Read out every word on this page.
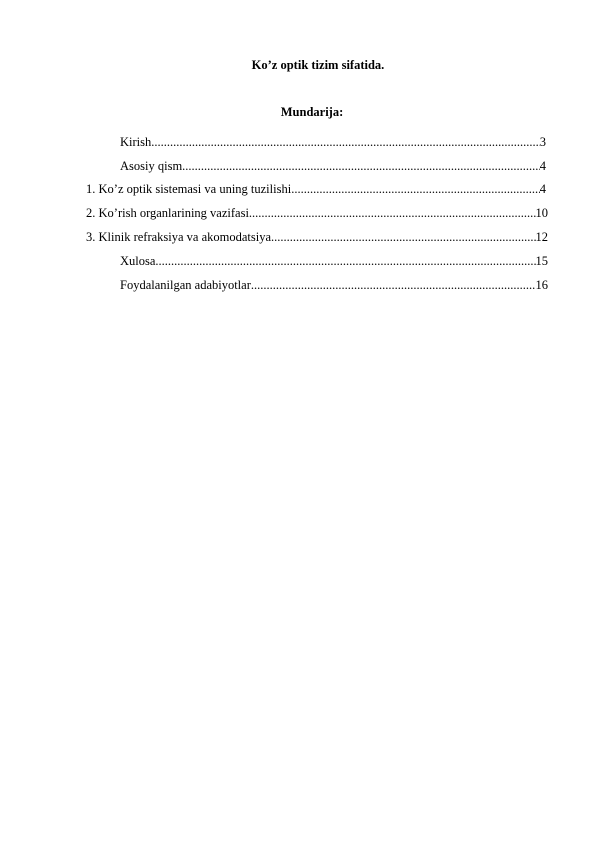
Ko’z optik tizim sifatida.
Mundarija:
Kirish .....	3
Asosiy qism .....	4
1. Ko’z optik sistemasi va uning tuzilishi .....	4
2. Ko’rish organlarining vazifasi .....	10
3. Klinik refraksiya va akomodatsiya .....	12
Xulosa .....	15
Foydalanilgan adabiyotlar .....	16
